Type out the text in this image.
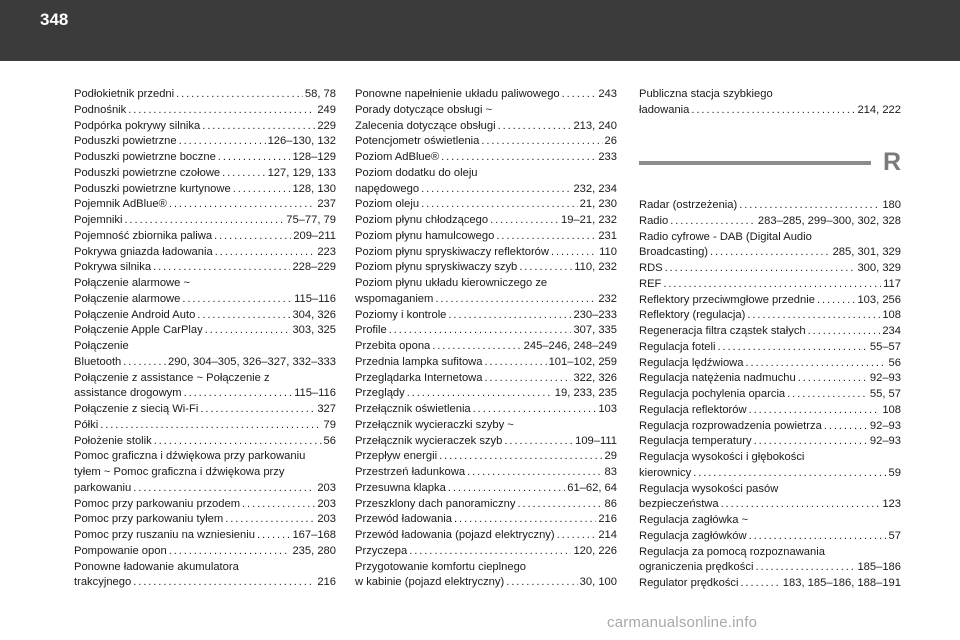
348
Podłokietnik przedni . . .	58, 78
Podnośnik . . .	249
Podpórka pokrywy silnika . . .	229
Poduszki powietrzne . . .	126–130, 132
Poduszki powietrzne boczne . . .	128–129
Poduszki powietrzne czołowe . . .	127, 129, 133
Poduszki powietrzne kurtynowe . . .	128, 130
Pojemnik AdBlue® . . .	237
Pojemniki . . .	75–77, 79
Pojemność zbiornika paliwa . . .	209–211
Pokrywa gniazda ładowania . . .	223
Pokrywa silnika . . .	228–229
Połączenie alarmowe ~
Połączenie alarmowe . . .	115–116
Połączenie Android Auto . . .	304, 326
Połączenie Apple CarPlay . . .	303, 325
Połączenie
Bluetooth . . .	290, 304–305, 326–327, 332–333
Połączenie z assistance ~ Połączenie z
assistance drogowym . . .	115–116
Połączenie z siecią Wi-Fi . . .	327
Półki . . .	79
Położenie stolik . . .	56
Pomoc graficzna i dźwiękowa przy parkowaniu
tyłem ~ Pomoc graficzna i dźwiękowa przy
parkowaniu . . .	203
Pomoc przy parkowaniu przodem . . .	203
Pomoc przy parkowaniu tyłem . . .	203
Pomoc przy ruszaniu na wzniesieniu . . .	167–168
Pompowanie opon . . .	235, 280
Ponowne ładowanie akumulatora
trakcyjnego . . .	216
Ponowne napełnienie układu paliwowego . . .	243
Porady dotyczące obsługi ~
Zalecenia dotyczące obsługi . . .	213, 240
Potencjometr oświetlenia . . .	26
Poziom AdBlue® . . .	233
Poziom dodatku do oleju
napędowego . . .	232, 234
Poziom oleju . . .	21, 230
Poziom płynu chłodzącego . . .	19–21, 232
Poziom płynu hamulcowego . . .	231
Poziom płynu spryskiwaczy reflektorów . . .	110
Poziom płynu spryskiwaczy szyb . . .	110, 232
Poziom płynu układu kierowniczego ze
wspomaganiem . . .	232
Poziomy i kontrole . . .	230–233
Profile . . .	307, 335
Przebita opona . . .	245–246, 248–249
Przednia lampka sufitowa . . .	101–102, 259
Przeglądarka Internetowa . . .	322, 326
Przeglądy . . .	19, 233, 235
Przełącznik oświetlenia . . .	103
Przełącznik wycieraczki szyby ~
Przełącznik wycieraczek szyb . . .	109–111
Przepływ energii . . .	29
Przestrzeń ładunkowa . . .	83
Przesuwna klapka . . .	61–62, 64
Przeszklony dach panoramiczny . . .	86
Przewód ładowania . . .	216
Przewód ładowania (pojazd elektryczny) . . .	214
Przyczepa . . .	120, 226
Przygotowanie komfortu cieplnego
w kabinie (pojazd elektryczny) . . .	30, 100
Publiczna stacja szybkiego
ładowania . . .	214, 222
R
Radar (ostrzeżenia) . . .	180
Radio . . .	283–285, 299–300, 302, 328
Radio cyfrowe - DAB (Digital Audio
Broadcasting) . . .	285, 301, 329
RDS . . .	300, 329
REF . . .	117
Reflektory przeciwmgłowe przednie . . .	103, 256
Reflektory (regulacja) . . .	108
Regeneracja filtra cząstek stałych . . .	234
Regulacja foteli . . .	55–57
Regulacja lędźwiowa . . .	56
Regulacja natężenia nadmuchu . . .	92–93
Regulacja pochylenia oparcia . . .	55, 57
Regulacja reflektorów . . .	108
Regulacja rozprowadzenia powietrza . . .	92–93
Regulacja temperatury . . .	92–93
Regulacja wysokości i głębokości
kierownicy . . .	59
Regulacja wysokości pasów
bezpieczeństwa . . .	123
Regulacja zagłówka ~
Regulacja zagłówków . . .	57
Regulacja za pomocą rozpoznawania
ograniczenia prędkości . . .	185–186
Regulator prędkości . . .	183, 185–186, 188–191
carmanualsonline.info
